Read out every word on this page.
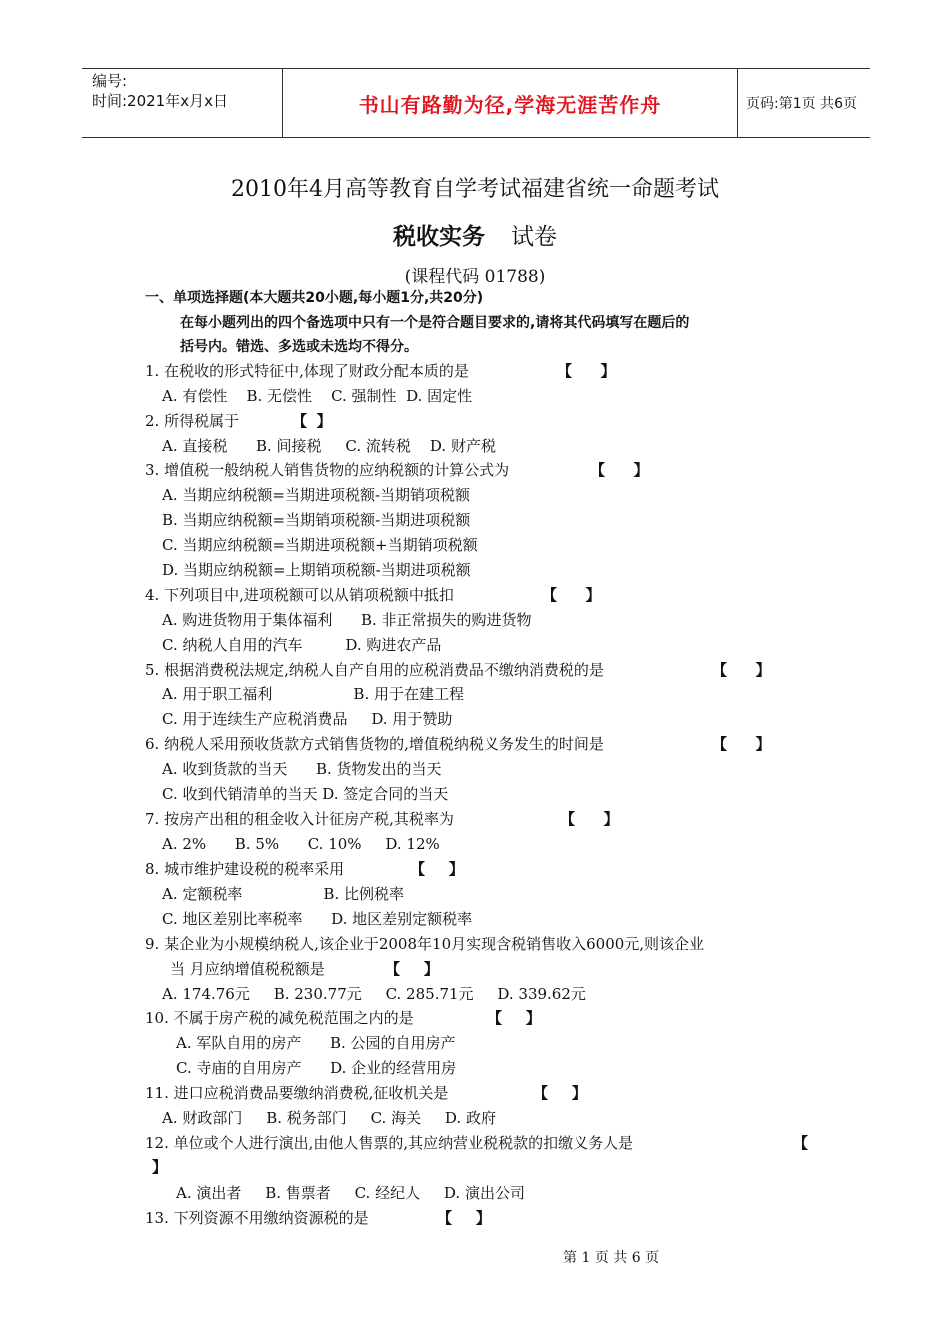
编号:
时间:2021年x月x日	书山有路勤为径,学海无涯苦作舟	页码:第1页 共6页
2010年4月高等教育自学考试福建省统一命题考试
税收实务 试卷
(课程代码 01788)
一、单项选择题(本大题共20小题,每小题1分,共20分)
在每小题列出的四个备选项中只有一个是符合题目要求的,请将其代码填写在题后的
括号内。错选、多选或未选均不得分。
1. 在税收的形式特征中,体现了财政分配本质的是	【 】
A. 有偿性    B. 无偿性    C. 强制性  D. 固定性
2. 所得税属于	【 】
A. 直接税      B. 间接税     C. 流转税    D. 财产税
3. 增值税一般纳税人销售货物的应纳税额的计算公式为	【 】
A. 当期应纳税额=当期进项税额-当期销项税额
B. 当期应纳税额=当期销项税额-当期进项税额
C. 当期应纳税额=当期进项税额+当期销项税额
D. 当期应纳税额=上期销项税额-当期进项税额
4. 下列项目中,进项税额可以从销项税额中抵扣	【 】
A. 购进货物用于集体福利      B. 非正常损失的购进货物
C. 纳税人自用的汽车         D. 购进农产品
5. 根据消费税法规定,纳税人自产自用的应税消费品不缴纳消费税的是	【 】
A. 用于职工福利                 B. 用于在建工程
C. 用于连续生产应税消费品     D. 用于赞助
6. 纳税人采用预收货款方式销售货物的,增值税纳税义务发生的时间是	【 】
A. 收到货款的当天      B. 货物发出的当天
C. 收到代销清单的当天 D. 签定合同的当天
7. 按房产出租的租金收入计征房产税,其税率为	【 】
A. 2%      B. 5%      C. 10%     D. 12%
8. 城市维护建设税的税率采用	【 】
A. 定额税率                 B. 比例税率
C. 地区差别比率税率      D. 地区差别定额税率
9. 某企业为小规模纳税人,该企业于2008年10月实现含税销售收入6000元,则该企业
当 月应纳增值税税额是	【 】
A. 174.76元     B. 230.77元     C. 285.71元     D. 339.62元
10. 不属于房产税的减免税范围之内的是	【 】
A. 军队自用的房产      B. 公园的自用房产
C. 寺庙的自用房产      D. 企业的经营用房
11. 进口应税消费品要缴纳消费税,征收机关是	【 】
A. 财政部门     B. 税务部门     C. 海关     D. 政府
12. 单位或个人进行演出,由他人售票的,其应纳营业税税款的扣缴义务人是	【
】
A. 演出者     B. 售票者     C. 经纪人     D. 演出公司
13. 下列资源不用缴纳资源税的是	【 】
第 1 页 共 6 页
